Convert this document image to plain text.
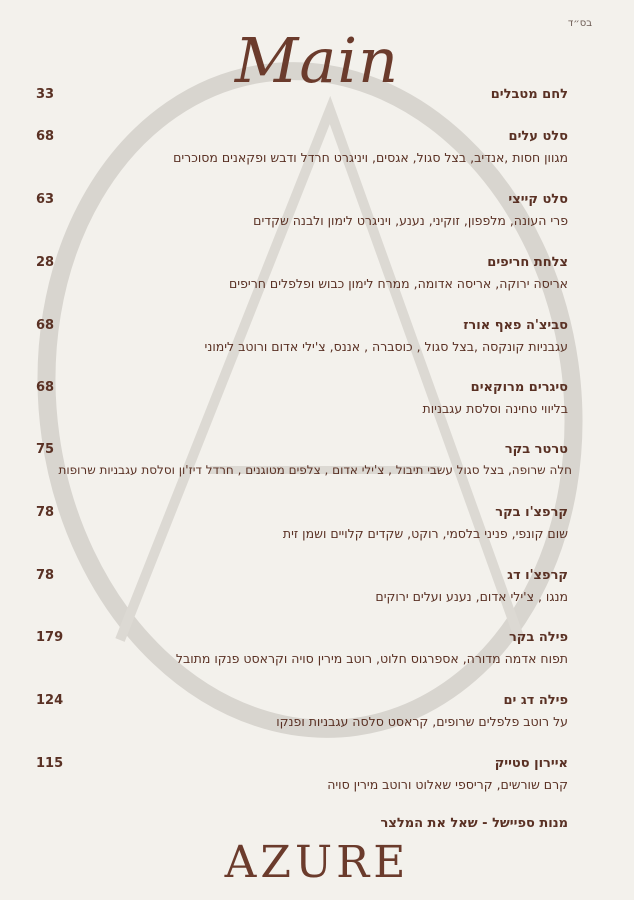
בס״ד
Main	לחם מטבלים
33
סלט עלים
68
מגוון חסות ,אנדיב, בצל סגול, אגסים, ויניגרט חרדל ודבש ופקאנים מסוכרים
סלט קייצי
63
פרי העונה, מלפפון, זוקיני, נענע, ויניגרט לימון ולבנה שקדים
צלחת חריפים
28
אריסה ירוקה, אריסה אדומה, ממרח לימון כבוש ופלפלים חריפים
סביצ'ה פאף אורז
68
עגבניות קונקסה ,בצל סגול , כוסברה , אננס, צ'ילי אדום ורוטב לימוני
סיגרים מרוקאים
68
בליווי טחינה וסלסת עגבניות
טרטר בקר
75
חלה שרופה, בצל סגול עשבי תיבול , צ'ילי אדום , צלפים מטוגנים , חרדל דיז'ון וסלסת עגבניות שרופות
קרפצ'ו בקר
78
שום קונפי, פניני בלסמי, רוקט, שקדים קלויים ושמן זית
קרפצ'ו דג
78
מנגו , צ'ילי אדום, נענע ועלים ירוקים
פילה בקר
179
תפוח אדמה מדורה, אספרגוס חלוט, רוטב מירין סויה וקראסט פנקו מתובל
פילה דג ים
124
על רוטב פלפלים שרופים, קראסט סלסה עגבניות ופנקו
איירון סטייק
115
קרם שורשים, קריספי שאלוט ורוטב מירין סויה
מנות ספיישל - שאל את המלצר
AZURE
